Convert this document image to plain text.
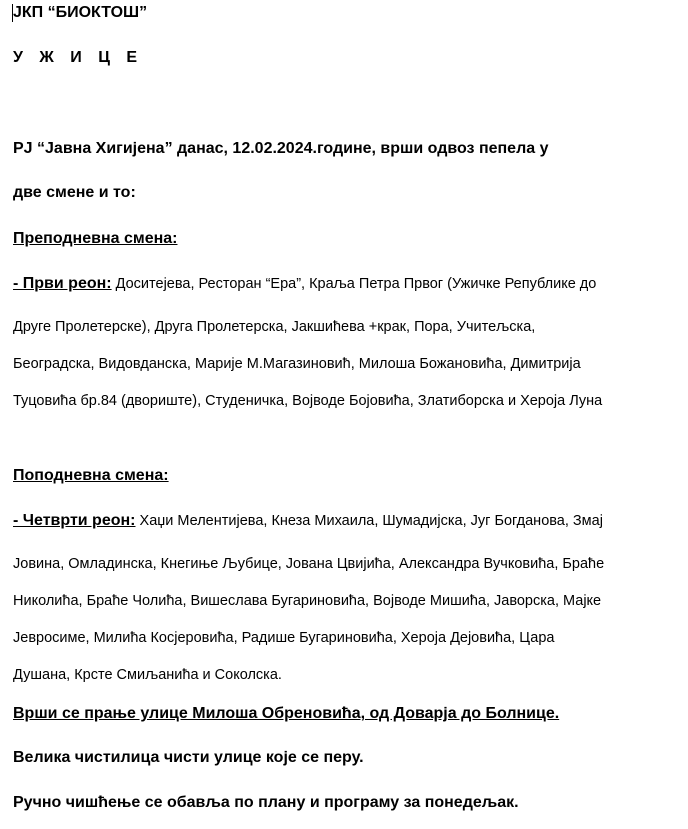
ЈКП “БИОКТОШ”
У Ж И Ц Е
РЈ “Јавна Хигијена” данас, 12.02.2024.године, врши одвоз пепела у
две смене и то:
Преподневна смена:
- Први реон: Доситејева, Ресторан “Ера”, Краља Петра Првог (Ужичке Републике до
Друге Пролетерске), Друга Пролетерска, Јакшићева +крак, Пора, Учитељска,
Београдска, Видовданска, Марије М.Магазиновић, Милоша Божановића, Димитрија
Туцовића бр.84 (двориште), Студеничка, Војводе Бојовића, Златиборска и Хероја Луна
Поподневна смена:
- Четврти реон: Хаџи Мелентијева, Кнеза Михаила, Шумадијска, Југ Богданова, Змај
Јовина, Омладинска, Кнегиње Љубице, Јована Цвијића, Александра Вучковића, Браће
Николића, Браће Чолића, Вишеслава Бугариновића, Војводе Мишића, Јаворска, Мајке
Јевросиме, Милића Косјеровића, Радише Бугариновића, Хероја Дејовића, Цара
Душана, Крсте Смиљанића и Соколска.
Врши се прање улице Милоша Обреновића, од Доварја до Болнице.
Велика чистилица чисти улице које се перу.
Ручно чишћење се обавља по плану и програму за понедељак.
